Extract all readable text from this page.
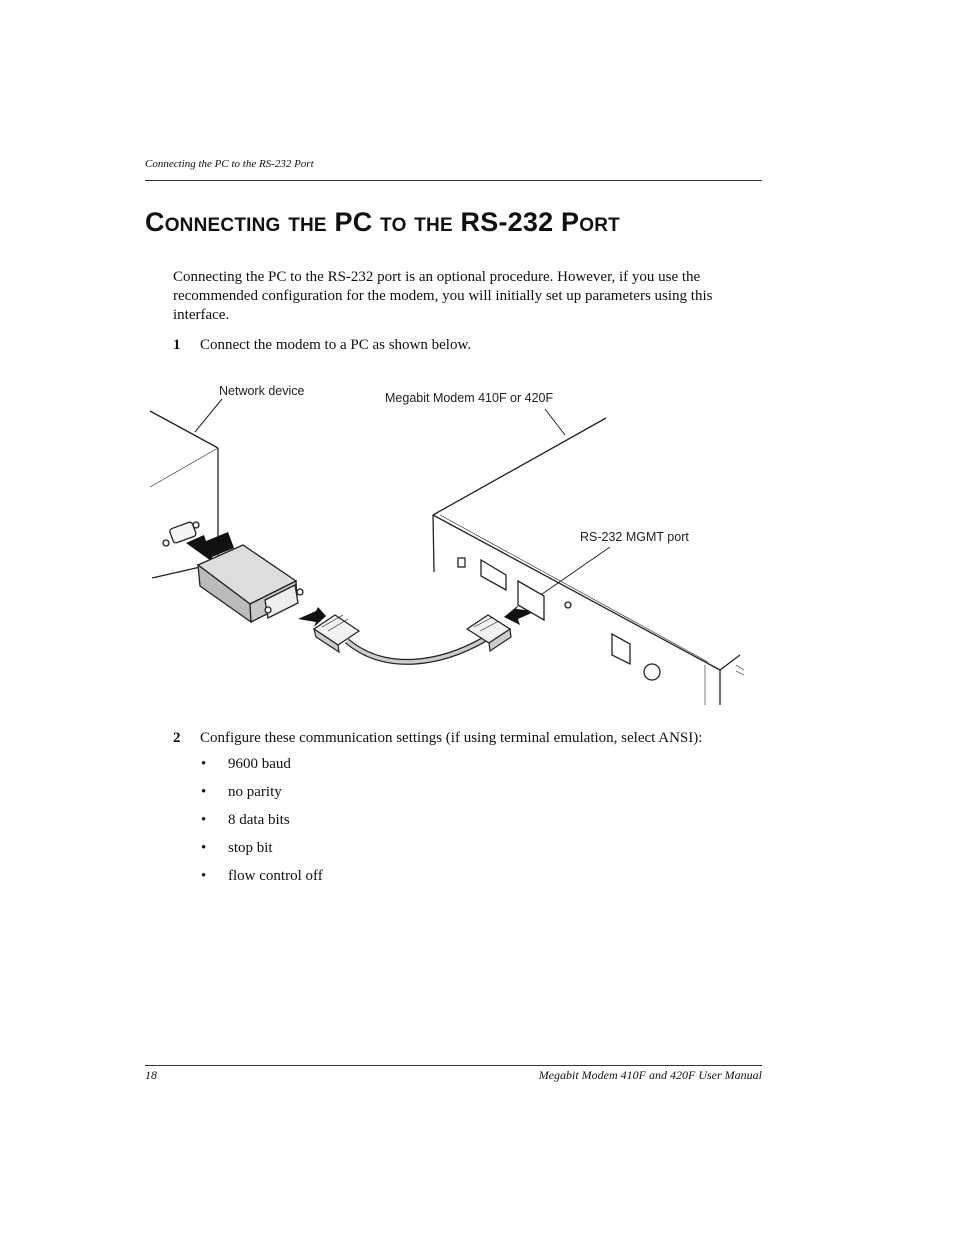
Connecting the PC to the RS-232 Port
Connecting the PC to the RS-232 Port

Connecting the PC to the RS-232 port is an optional procedure. However, if you use the recommended configuration for the modem, you will initially set up parameters using this interface.

1 Connect the modem to a PC as shown below.
Network device	Megabit Modem 410F or 420F
RS-232 MGMT port
2 Configure these communication settings (if using terminal emulation, select ANSI):
• 9600 baud
• no parity
• 8 data bits
• stop bit
• flow control off
18	Megabit Modem 410F and 420F User Manual
